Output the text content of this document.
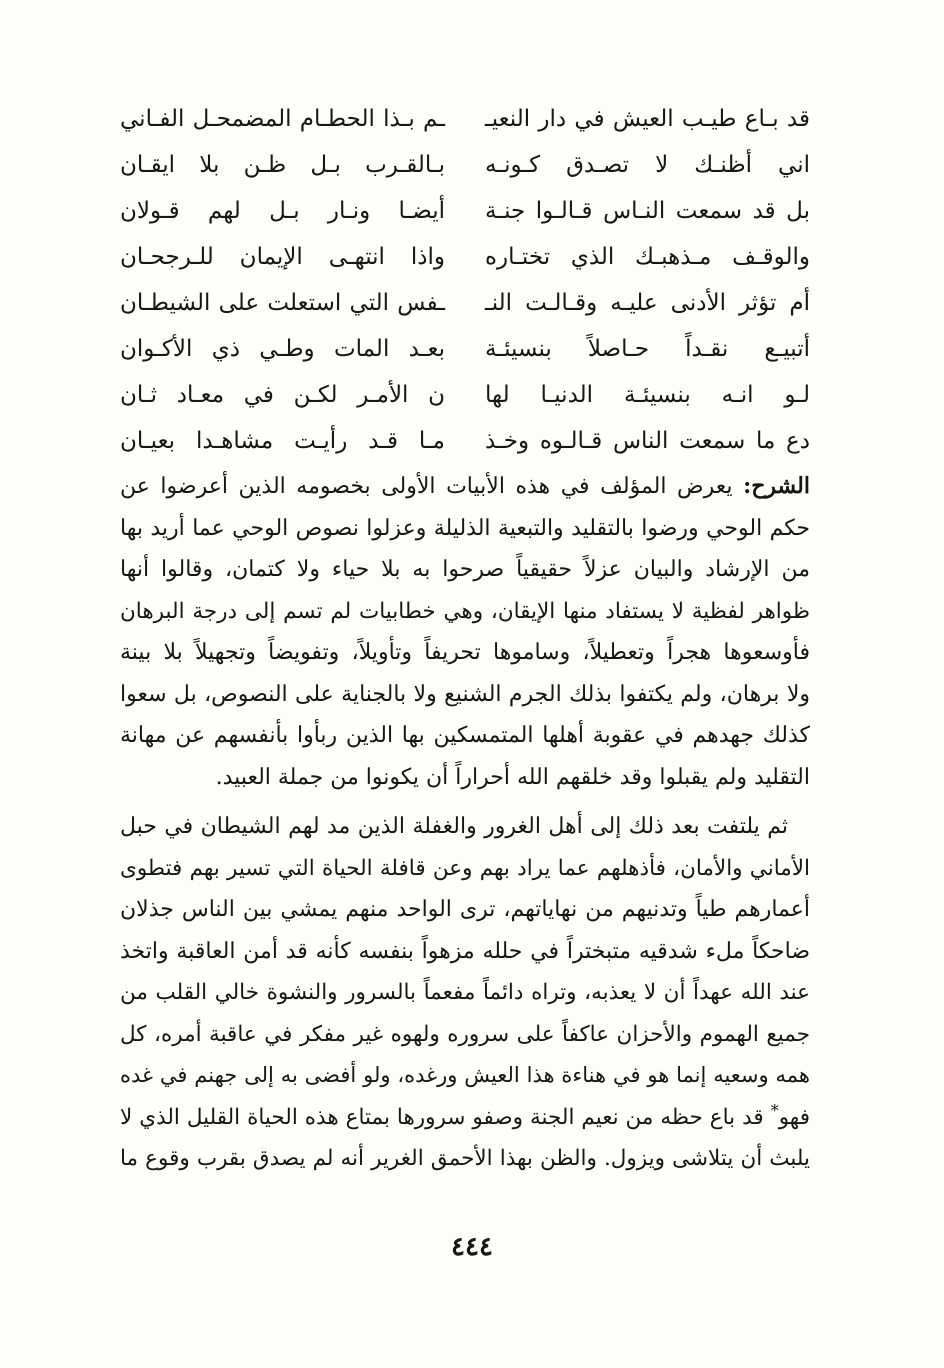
قد بـاع طيـب العيش في دار النعيـ
ـم بـذا الحطـام المضمحـل الفـاني
اني أظنـك لا تصـدق كـونـه
بـالقـرب بـل ظـن بلا ايقـان
بل قد سمعت النـاس قـالـوا جنـة
أيضـا ونـار بـل لهم قـولان
والوقـف مـذهبـك الذي تختـاره
واذا انتهـى الإيمان للـرجحـان
أم تؤثر الأدنى عليـه وقـالـت النـ
ـفس التي استعلت على الشيطـان
أتبيـع نقـداً حـاصلاً بنسيئـة
بعـد المات وطـي ذي الأكـوان
لـو انـه بنسيئـة الدنيـا لها
ن الأمـر لكـن في معـاد ثـان
دع ما سمعت الناس قـالـوه وخـذ
مـا قـد رأيـت مشاهـدا بعيـان
الشرح: يعرض المؤلف في هذه الأبيات الأولى بخصومه الذين أعرضوا عن
حكم الوحي ورضوا بالتقليد والتبعية الذليلة وعزلوا نصوص الوحي عما أريد بها
من الإرشاد والبيان عزلاً حقيقياً صرحوا به بلا حياء ولا كتمان، وقالوا أنها
ظواهر لفظية لا يستفاد منها الإيقان، وهي خطابيات لم تسم إلى درجة البرهان
فأوسعوها هجراً وتعطيلاً، وساموها تحريفاً وتأويلاً، وتفويضاً وتجهيلاً بلا بينة
ولا برهان، ولم يكتفوا بذلك الجرم الشنيع ولا بالجناية على النصوص، بل سعوا
كذلك جهدهم في عقوبة أهلها المتمسكين بها الذين ربأوا بأنفسهم عن مهانة
التقليد ولم يقبلوا وقد خلقهم الله أحراراً أن يكونوا من جملة العبيد.
ثم يلتفت بعد ذلك إلى أهل الغرور والغفلة الذين مد لهم الشيطان في حبل
الأماني والأمان، فأذهلهم عما يراد بهم وعن قافلة الحياة التي تسير بهم فتطوى
أعمارهم طياً وتدنيهم من نهاياتهم، ترى الواحد منهم يمشي بين الناس جذلان
ضاحكاً ملء شدقيه متبختراً في حلله مزهواً بنفسه كأنه قد أمن العاقبة واتخذ
عند الله عهداً أن لا يعذبه، وتراه دائماً مفعماً بالسرور والنشوة خالي القلب من
جميع الهموم والأحزان عاكفاً على سروره ولهوه غير مفكر في عاقبة أمره، كل
همه وسعيه إنما هو في هناءة هذا العيش ورغده، ولو أفضى به إلى جهنم في غده
فهو* قد باع حظه من نعيم الجنة وصفو سرورها بمتاع هذه الحياة القليل الذي لا
يلبث أن يتلاشى ويزول. والظن بهذا الأحمق الغرير أنه لم يصدق بقرب وقوع ما
٤٤٤
